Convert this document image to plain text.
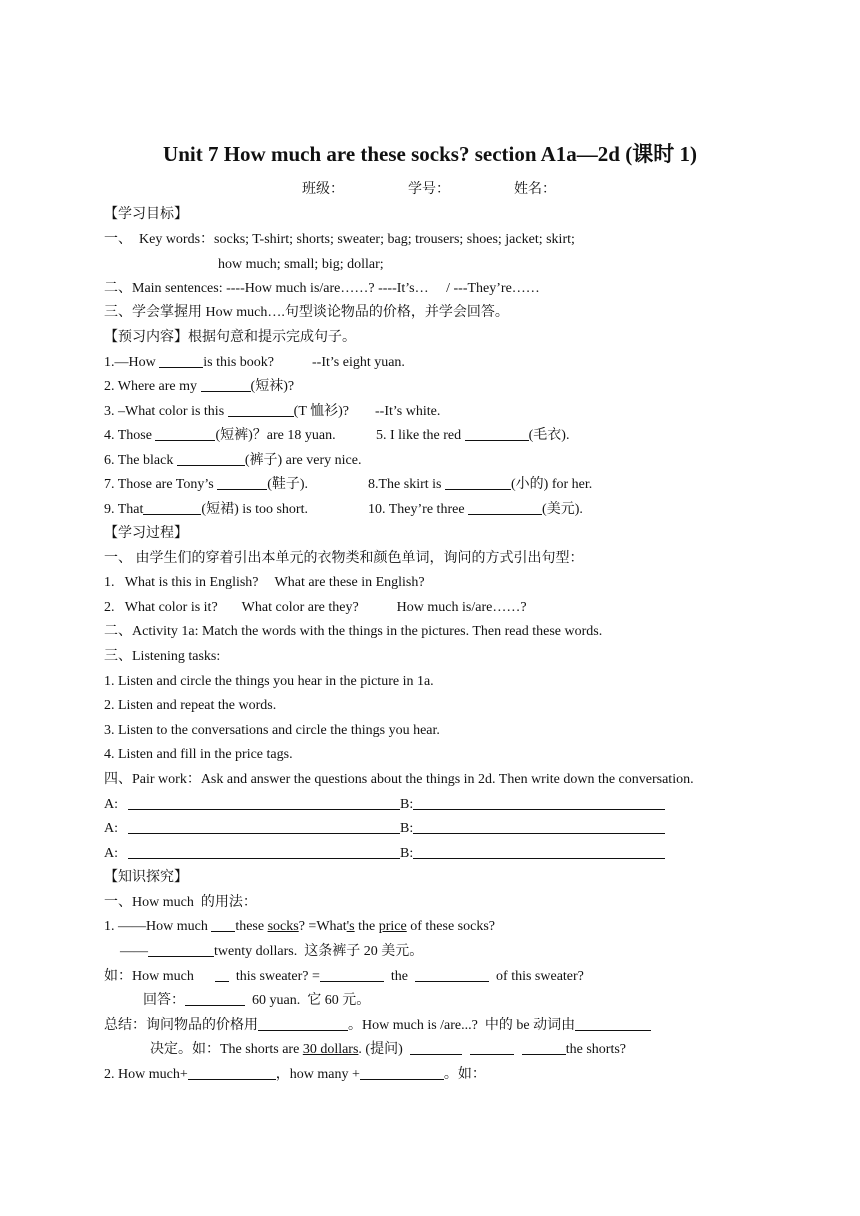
Unit 7 How much are these socks? section A1a—2d (课时 1)
班级：	学号：	姓名：
【学习目标】
一、  Key words：socks; T-shirt; shorts; sweater; bag; trousers; shoes; jacket; skirt;
how much; small; big; dollar;
二、Main sentences: ----How much is/are……? ----It’s…     / ---They’re……
三、学会掌握用 How much….句型谈论物品的价格，并学会回答。
【预习内容】根据句意和提示完成句子。
1.—How	is this book?	--It’s eight yuan.
2. Where are my	(短袜)?
3. –What color is this	(T 恤衫)? --It’s white.
4. Those	(短裤)？are 18 yuan.	5. I like the red	(毛衣).
6. The black	(裤子) are very nice.
7. Those are Tony’s	(鞋子).	8.The skirt is	(小的) for her.
9. That	(短裙) is too short.	10. They’re three	(美元).
【学习过程】
一、 由学生们的穿着引出本单元的衣物类和颜色单词，询问的方式引出句型：
1.   What is this in English? What are these in English?
2.   What color is it? What color are they?	How much is/are……?
二、Activity 1a: Match the words with the things in the pictures. Then read these words.
三、Listening tasks:
1. Listen and circle the things you hear in the picture in 1a.
2. Listen and repeat the words.
3. Listen to the conversations and circle the things you hear.
4. Listen and fill in the price tags.
四、Pair work：Ask and answer the questions about the things in 2d. Then write down the conversation.
A:	B:
A:	B:
A:	B:
【知识探究】
一、How much  的用法：
1. ——How much these socks? =What's the price of these socks?
——	twenty dollars.  这条裤子 20 美元。
如：How much        this sweater? =	the	of this sweater?
回答：	60 yuan.  它 60 元。
总结：询问物品的价格用	。How much is /are...?  中的 be 动词由
决定。如：The shorts are 30 dollars. (提问)	the shorts?
2. How much+	，how many +	。如：
